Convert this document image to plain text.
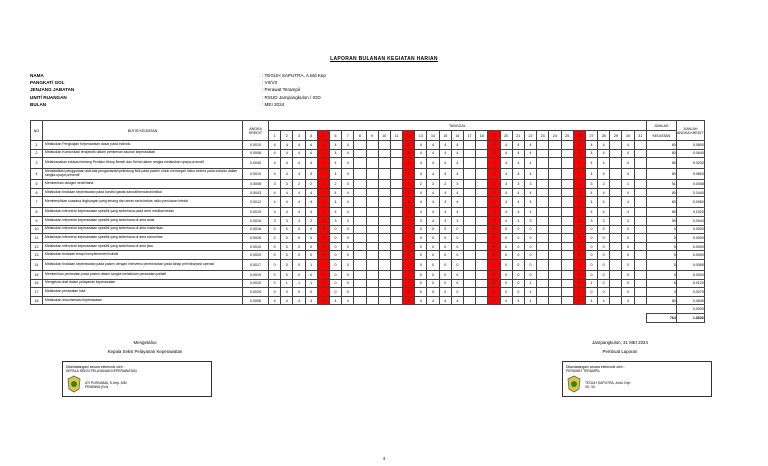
LAPORAN BULANAN KEGIATAN HARIAN
NAMA	: TEGUH SAPUTRA, A.Md.Kep
PANGKAT/ GOL	: VII/VII
JENJANG JABATAN	: Perawat Terampil
UNIT/ RUANGAN	: RSUD Jampangkulon / IGD
BULAN	: MEI 2024
NO	BUTIR KEGIATAN	ANGKA KREDIT	TANGGAL																															JUMLAH	JUMLAH ANGKA KREDIT
			1	2	3	4	5	6	7	8	9	10	11	12	13	14	15	16	17	18	19	20	21	22	23	24	25	26	27	28	29	30	31	KEGIATAN	
1	Melakukan Pengkajian Keperawatan dasar pada individu	0.0010	4	4	4	4	4	4	4					4	4	4	4	4			4	4	4	4				4	4	4		4		80	0.0800
2	Melakukan Komunikasi terapeutik dalam pemberian asuhan keperawatan	0.0008	4	4	4	4	4	4	4					4	4	4	4	4			4	4	4	4				4	4	4		4		80	0.0640
3	Melaksanakan edukasi tentang Perilaku Hidup Bersih dan Sehat dalam rangka melakukan upaya promotif	0.0040	4	4	4	4	4	4	4					4	4	4	4	4			4	4	4	4				4	4	4		4		80	0.3200
4	Memfasilitasi penggunaan alat-alat pengamanan/pelindung fisik pada pasien untuk mencegah risiko cedera pada individu dalam rangka upaya preventif	0.0010	4	4	4	4	4	4	4					4	4	4	4	4			4	4	4	4				4	4	4		4		80	0.0800
5	Memberikan oksigen sederhana	0.0008	3	3	2	2	3	2	3					3	2	3	2	3			2	3	3	3				3	3	2		1		51	0.0408
6	Melakukan tindakan keperawatan pada kondisi gawat darurat/bencana/kritikal	0.0043	4	4	4	4	4	4	4					4	4	4	4	4			4	4	4	4				4	4	4		4		80	0.3440
7	Membersihkan suasana lingkungan yang tenang dan aman serta bebas risiko penularan infeksi	0.0012	4	4	4	4	4	4	4					4	4	4	4	4			4	4	4	4				4	4	4		4		80	0.0960
8	Melakukan intervensi keperawatan spesifik yang sederhana pada area medikal bedah	0.0019	4	4	4	4	4	4	4					4	4	4	4	4			4	4	4	4				4	4	4		4		80	0.1520
9	Melakukan intervensi keperawatan spesifik yang sederhana di area anak	0.0016	3	3	3	2	3	3	3					3	3	4	3	3			3	4	3	3				2	3	3		2		59	0.0944
10	Melakukan intervensi keperawatan spesifik yang sederhana di area maternitas	0.0018	0	0	0	0	0	0	0					0	0	0	0	0			0	0	0	0				0	0	0		0		0	0.0000
11	Melakukan intervensi keperawatan spesifik yang sederhana di area komunitas	0.0026	0	0	0	0	0	0	0					0	0	0	0	0			0	0	0	0				0	0	0		0		0	0.0000
12	Melakukan intervensi keperawatan spesifik yang sederhana di area jiwa	0.0010	0	0	0	0	0	0	0					0	0	0	0	0			0	0	0	0				0	0	0		0		0	0.0000
13	Melakukan tindakan terapi komplementer/holistik	0.0020	0	0	0	0	0	0	0					0	0	0	0	0			0	0	0	0				0	0	0		0		0	0.0000
14	Melakukan tindakan keperawatan pada pasien dengan intervensi pembedahan pada tahap pre/intra/post operasi	0.0017	0	0	0	1	1	0	0					0	0	0	0	0			0	0	0	0				0	0	0		0		5	0.0085
15	Memberikan perawatan pada pasien dalam rangka melakukan perawatan paliatif	0.0019	0	0	0	0	0	0	0					0	0	0	0	0			0	0	0	0				0	0	0		0		0	0.0000
16	Mengelola obat dalam pelayanan keperawatan	0.0020	0	1	1	1	1	0	0					0	0	0	0	0			0	0	0	1				0	1	0		0		6	0.0120
17	Melakukan perawatan luka	0.0025	0	0	0	0	2	0	0					0	0	0	0	0			0	0	0	1				0	0	0		0		3	0.0075
18	Melakukan dokumentasi keperawatan	0.0008	4	4	4	4	4	4	4					4	4	4	4	4			4	4	4	4				4	4	4		4		80	0.0640
																																			0.0000
																																		764	1.3632
Mengetahui
Kepala Seksi Pelayanan Keperawatan
Ditandatangani secara elektronik oleh :
KEPALA SEKSI PELAYANAN KEPERAWATAN
ATI PURNAMA, S.Kep.,MM
PEMBINA (IV/a
Jampangkulon, 31 MEI 2024
Pembuat Laporan
Ditandatangani secara elektronik oleh :
PERAWAT TERAMPIL
TEGUH SAPUTRA, Amd. Kep
VII, VII
4
